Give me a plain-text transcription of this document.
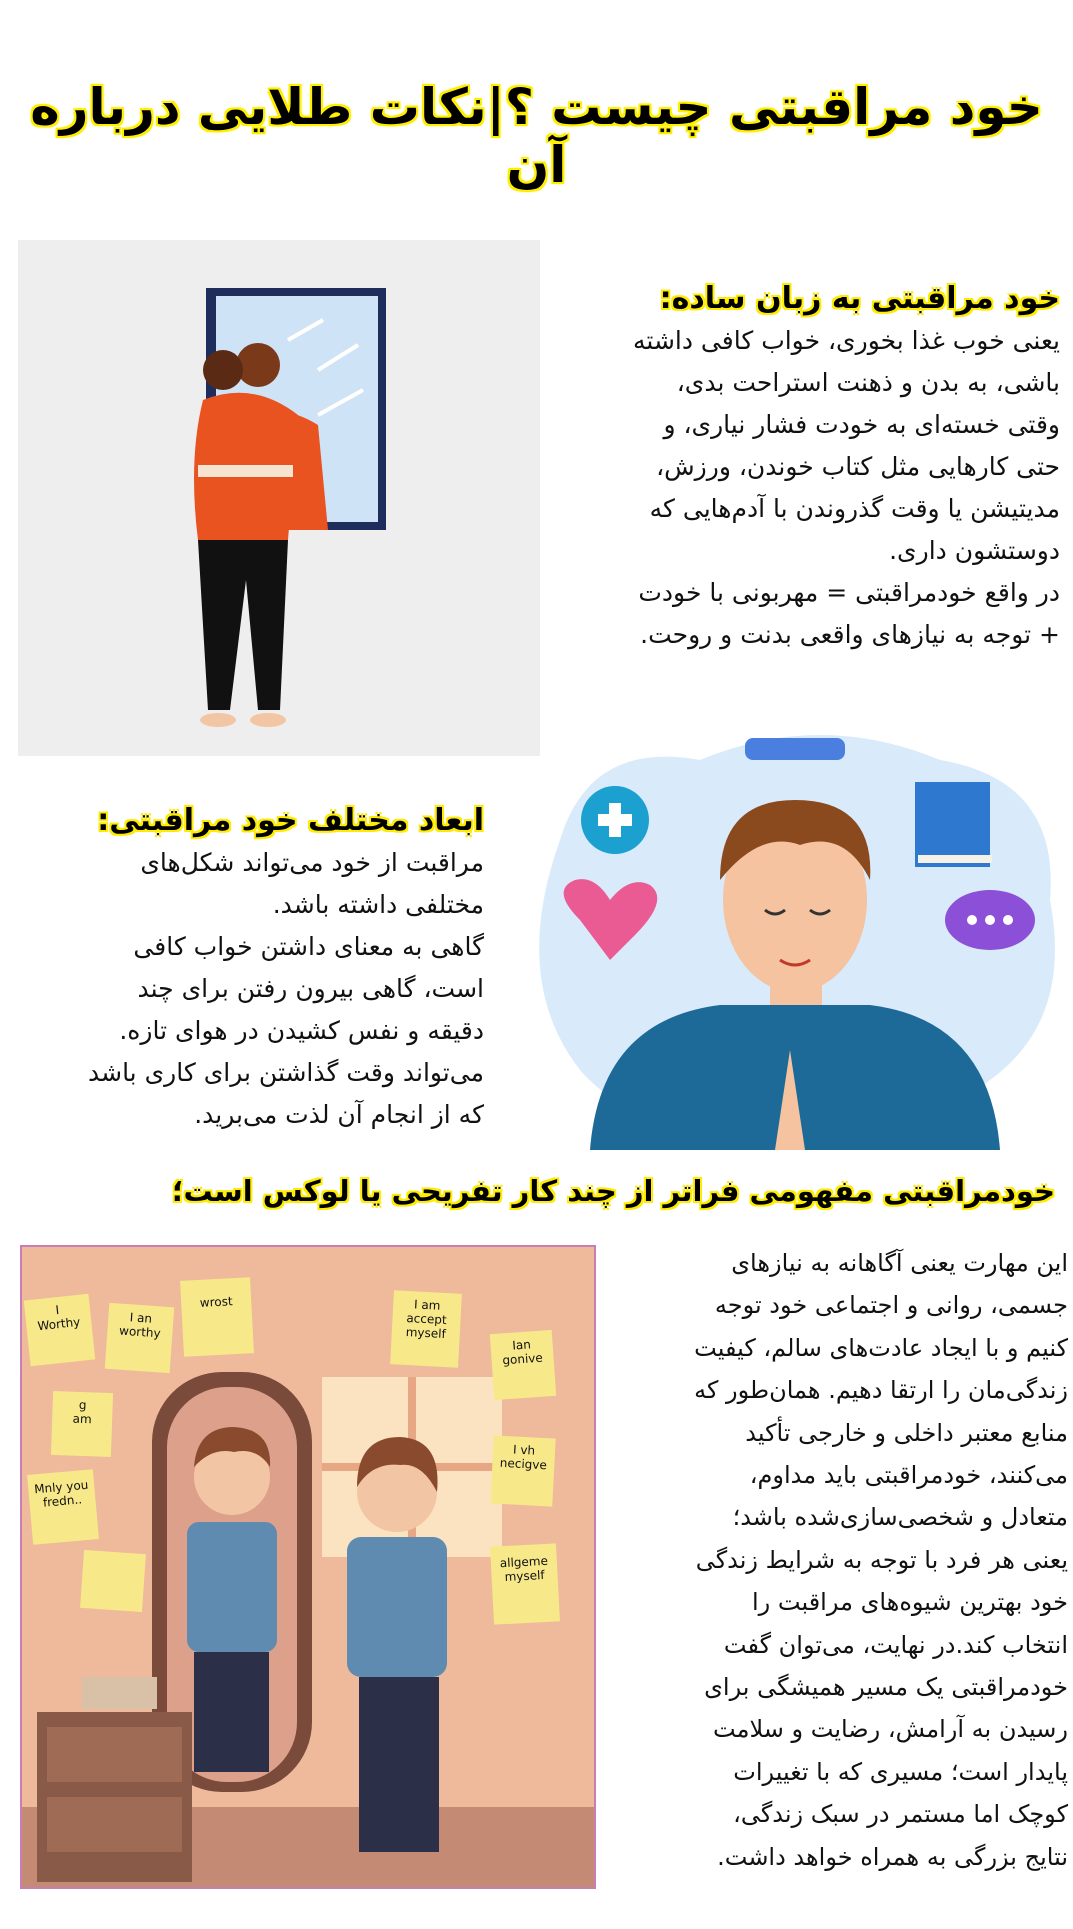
خود مراقبتی چیست ؟|نکات طلایی درباره آن
خود مراقبتی به زبان ساده:
یعنی خوب غذا بخوری، خواب کافی داشته
باشی، به بدن و ذهنت استراحت بدی،
وقتی خسته‌ای به خودت فشار نیاری، و
حتی کارهایی مثل کتاب خوندن، ورزش،
مدیتیشن یا وقت گذروندن با آدم‌هایی که
دوستشون داری.
در واقع خودمراقبتی = مهربونی با خودت
+ توجه به نیازهای واقعی بدنت و روحت.
ابعاد مختلف خود مراقبتی:
مراقبت از خود می‌تواند شکل‌های
مختلفی داشته باشد.
گاهی به معنای داشتن خواب کافی
است، گاهی بیرون رفتن برای چند
دقیقه و نفس کشیدن در هوای تازه.
می‌تواند وقت گذاشتن برای کاری باشد
که از انجام آن لذت می‌برید.
خودمراقبتی مفهومی فراتر از چند کار تفریحی یا لوکس است؛
I
Worthy	I an
worthy
wrost	I am
accept
myself
Ian
gonive
g
am
I vh
necigve
Mnly you
fredn..
allgeme
myself
این مهارت یعنی آگاهانه به نیازهای
جسمی، روانی و اجتماعی خود توجه
کنیم و با ایجاد عادت‌های سالم، کیفیت
زندگی‌مان را ارتقا دهیم. همان‌طور که
منابع معتبر داخلی و خارجی تأکید
می‌کنند، خودمراقبتی باید مداوم،
متعادل و شخصی‌سازی‌شده باشد؛
یعنی هر فرد با توجه به شرایط زندگی
خود بهترین شیوه‌های مراقبت را
انتخاب کند.در نهایت، می‌توان گفت
خودمراقبتی یک مسیر همیشگی برای
رسیدن به آرامش، رضایت و سلامت
پایدار است؛ مسیری که با تغییرات
کوچک اما مستمر در سبک زندگی،
نتایج بزرگی به همراه خواهد داشت.
